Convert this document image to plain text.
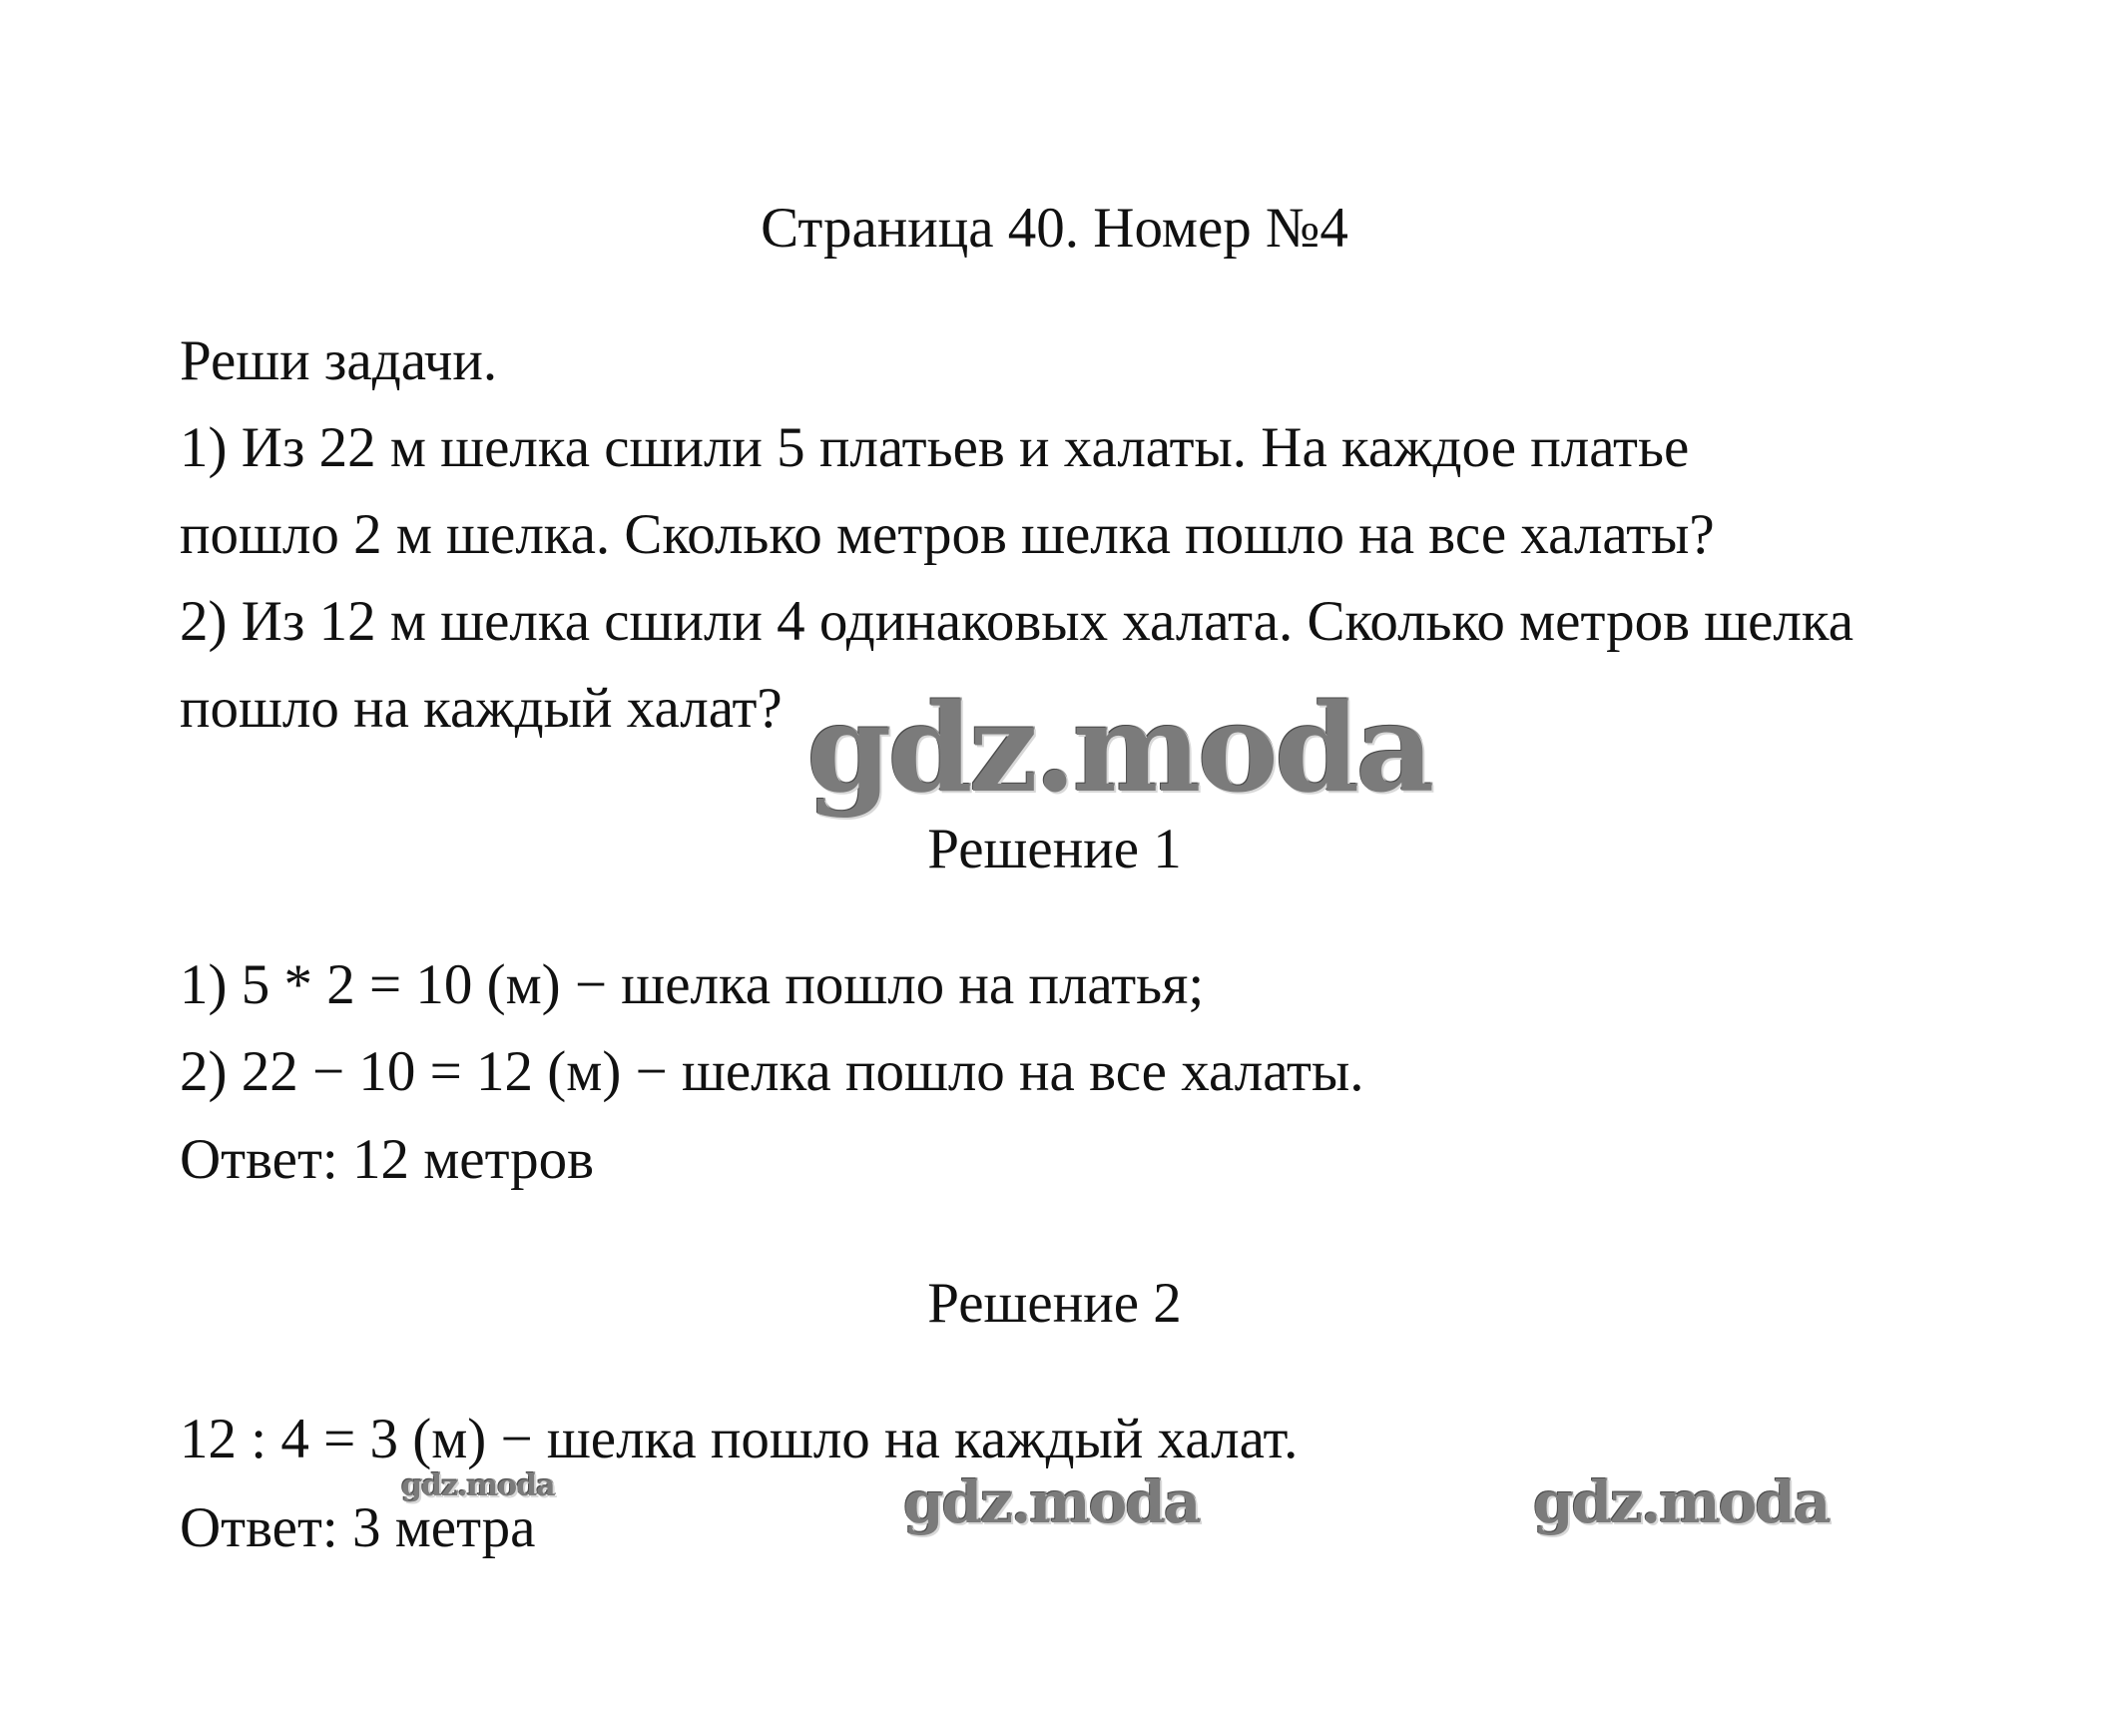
Страница 40. Номер №4
Реши задачи.
1) Из 22 м шелка сшили 5 платьев и халаты. На каждое платье
пошло 2 м шелка. Сколько метров шелка пошло на все халаты?
2) Из 12 м шелка сшили 4 одинаковых халата. Сколько метров шелка
пошло на каждый халат? gdz.moda
Решение 1
1) 5 * 2 = 10 (м) − шелка пошло на платья;
2) 22 − 10 = 12 (м) − шелка пошло на все халаты.
Ответ: 12 метров
Решение 2
12 : 4 = 3 (м) − шелка пошло на каждый халат.
gdz.moda
Ответ: 3 метра	gdz.moda	gdz.moda
